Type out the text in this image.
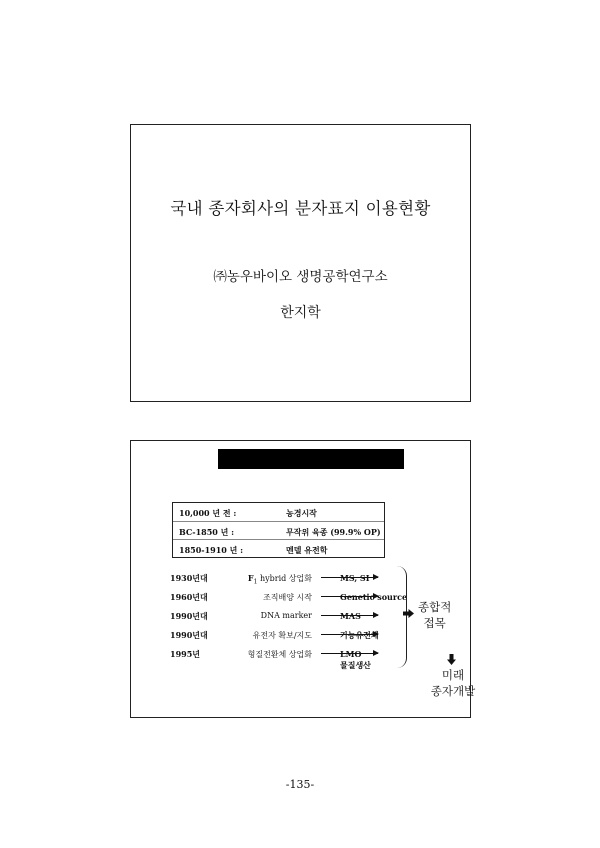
국내 종자회사의 분자표지 이용현황
㈜농우바이오 생명공학연구소
한지학
10,000 년 전 :	농경시작
BC-1850 년 :	무작위 육종 (99.9% OP)
1850-1910 년 :	멘델 유전학
1930년대	$F_1$ hybrid 상업화	MS, SI
1960년대	조직배양 시작	Genetic source
1990년대	DNA marker	MAS
1990년대	유전자 확보/지도	기능유전체
1995년	형질전환체 상업화	LMO
물질생산
종합적
접목
미래
종자개발
-135-
